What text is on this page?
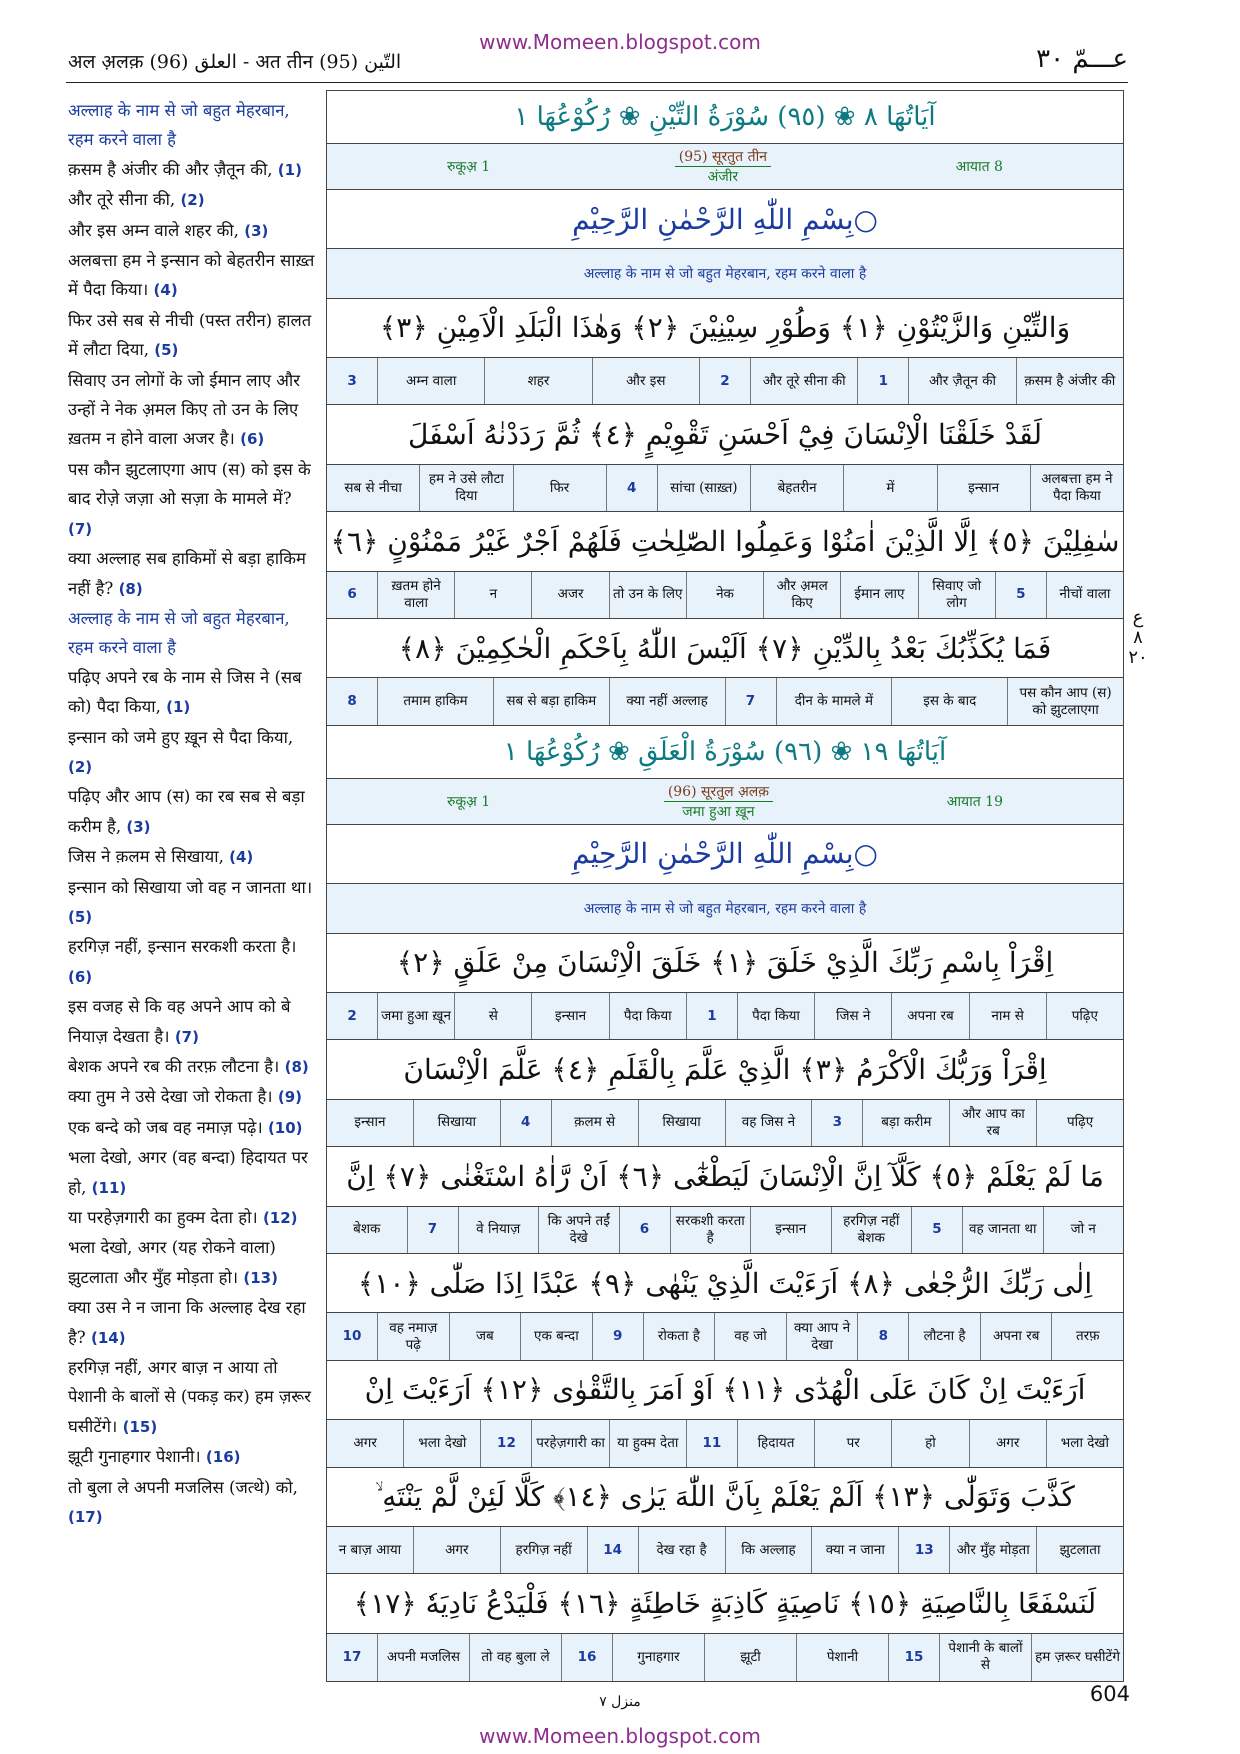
अल अ़लक़ (96) العلق - अत तीन (95) التّين
www.Momeen.blogspot.com
عـــمّ ٣٠
अल्लाह के नाम से जो बहुत मेहरबान, रहम करने वाला है
क़सम है अंजीर की और ज़ैतून की, (1)
और तूरे सीना की, (2)
और इस अम्न वाले शहर की, (3)
अलबत्ता हम ने इन्सान को बेहतरीन साख़्त में पैदा किया। (4)
फिर उसे सब से नीची (पस्त तरीन) हालत में लौटा दिया, (5)
सिवाए उन लोगों के जो ईमान लाए और उन्हों ने नेक अ़मल किए तो उन के लिए ख़तम न होने वाला अजर है। (6)
पस कौन झुटलाएगा आप (स) को इस के बाद रोज़े जज़ा ओ सज़ा के मामले में? (7)
क्या अल्लाह सब हाकिमों से बड़ा हाकिम नहीं है? (8)
अल्लाह के नाम से जो बहुत मेहरबान, रहम करने वाला है
पढ़िए अपने रब के नाम से जिस ने (सब को) पैदा किया, (1)
इन्सान को जमे हुए ख़ून से पैदा किया, (2)
पढ़िए और आप (स) का रब सब से बड़ा करीम है, (3)
जिस ने क़लम से सिखाया, (4)
इन्सान को सिखाया जो वह न जानता था। (5)
हरगिज़ नहीं, इन्सान सरकशी करता है। (6)
इस वजह से कि वह अपने आप को बे नियाज़ देखता है। (7)
बेशक अपने रब की तरफ़ लौटना है। (8)
क्या तुम ने उसे देखा जो रोकता है। (9)
एक बन्दे को जब वह नमाज़ पढ़े। (10)
भला देखो, अगर (वह बन्दा) हिदायत पर हो, (11)
या परहेज़गारी का हुक्म देता हो। (12)
भला देखो, अगर (यह रोकने वाला) झुटलाता और मुँह मोड़ता हो। (13)
क्या उस ने न जाना कि अल्लाह देख रहा है? (14)
हरगिज़ नहीं, अगर बाज़ न आया तो पेशानी के बालों से (पकड़ कर) हम ज़रूर घसीटेंगे। (15)
झूटी गुनाहगार पेशानी। (16)
तो बुला ले अपनी मजलिस (जत्थे) को, (17)

آيَاتُهَا ٨ ❀ (٩٥) سُوْرَةُ التِّيْنِ ❀ رُكُوْعُهَا ١
रुकूअ़ 1
(95) सूरतुत तीन
अंजीर
आयात 8
بِسْمِ اللّٰهِ الرَّحْمٰنِ الرَّحِيْمِ○
अल्लाह के नाम से जो बहुत मेहरबान, रहम करने वाला है
وَالتِّيْنِ وَالزَّيْتُوْنِ ﴿١﴾ وَطُوْرِ سِيْنِيْنَ ﴿٢﴾ وَهٰذَا الْبَلَدِ الْاَمِيْنِ ﴿٣﴾
क़सम है अंजीर की
और ज़ैतून की
1
और तूरे सीना की
2
और इस
शहर
अम्न वाला
3
لَقَدْ خَلَقْنَا الْاِنْسَانَ فِيْٓ اَحْسَنِ تَقْوِيْمٍ ﴿٤﴾ ثُمَّ رَدَدْنٰهُ اَسْفَلَ
अलबत्ता हम ने पैदा किया
इन्सान
में
बेहतरीन
सांचा (साख़्त)
4
फिर
हम ने उसे लौटा दिया
सब से नीचा
سٰفِلِيْنَ ﴿٥﴾ اِلَّا الَّذِيْنَ اٰمَنُوْا وَعَمِلُوا الصّٰلِحٰتِ فَلَهُمْ اَجْرٌ غَيْرُ مَمْنُوْنٍ ﴿٦﴾
नीचों वाला
5
सिवाए जो लोग
ईमान लाए
और अ़मल किए
नेक
तो उन के लिए
अजर
न
ख़तम होने वाला
6
فَمَا يُكَذِّبُكَ بَعْدُ بِالدِّيْنِ ﴿٧﴾ اَلَيْسَ اللّٰهُ بِاَحْكَمِ الْحٰكِمِيْنَ ﴿٨﴾
पस कौन आप (स) को झुटलाएगा
इस के बाद
दीन के मामले में
7
क्या नहीं अल्लाह
सब से बड़ा हाकिम
तमाम हाकिम
8
آيَاتُهَا ١٩ ❀ (٩٦) سُوْرَةُ الْعَلَقِ ❀ رُكُوْعُهَا ١
रुकूअ़ 1
(96) सूरतुल अ़लक़
जमा हुआ ख़ून
आयात 19
بِسْمِ اللّٰهِ الرَّحْمٰنِ الرَّحِيْمِ○
अल्लाह के नाम से जो बहुत मेहरबान, रहम करने वाला है
اِقْرَاْ بِاسْمِ رَبِّكَ الَّذِيْ خَلَقَ ﴿١﴾ خَلَقَ الْاِنْسَانَ مِنْ عَلَقٍ ﴿٢﴾
पढ़िए
नाम से
अपना रब
जिस ने
पैदा किया
1
पैदा किया
इन्सान
से
जमा हुआ ख़ून
2
اِقْرَاْ وَرَبُّكَ الْاَكْرَمُ ﴿٣﴾ الَّذِيْ عَلَّمَ بِالْقَلَمِ ﴿٤﴾ عَلَّمَ الْاِنْسَانَ
पढ़िए
और आप का रब
बड़ा करीम
3
वह जिस ने
सिखाया
क़लम से
4
सिखाया
इन्सान
مَا لَمْ يَعْلَمْ ﴿٥﴾ كَلَّآ اِنَّ الْاِنْسَانَ لَيَطْغٰٓى ﴿٦﴾ اَنْ رَّاٰهُ اسْتَغْنٰى ﴿٧﴾ اِنَّ
जो न
वह जानता था
5
हरगिज़ नहीं बेशक
इन्सान
सरकशी करता है
6
कि अपने तईं देखे
वे नियाज़
7
बेशक
اِلٰى رَبِّكَ الرُّجْعٰى ﴿٨﴾ اَرَءَيْتَ الَّذِيْ يَنْهٰى ﴿٩﴾ عَبْدًا اِذَا صَلّٰى ﴿١٠﴾
तरफ़
अपना रब
लौटना है
8
क्या आप ने देखा
वह जो
रोकता है
9
एक बन्दा
जब
वह नमाज़ पढ़े
10
اَرَءَيْتَ اِنْ كَانَ عَلَى الْهُدٰٓى ﴿١١﴾ اَوْ اَمَرَ بِالتَّقْوٰى ﴿١٢﴾ اَرَءَيْتَ اِنْ
भला देखो
अगर
हो
पर
हिदायत
11
या हुक्म देता
परहेज़गारी का
12
भला देखो
अगर
كَذَّبَ وَتَوَلّٰى ﴿١٣﴾ اَلَمْ يَعْلَمْ بِاَنَّ اللّٰهَ يَرٰى ﴿١٤﴾ كَلَّا لَئِنْ لَّمْ يَنْتَهِ ۙ
झुटलाता
और मुँह मोड़ता
13
क्या न जाना
कि अल्लाह
देख रहा है
14
हरगिज़ नहीं
अगर
न बाज़ आया
لَنَسْفَعًا بِالنَّاصِيَةِ ﴿١٥﴾ نَاصِيَةٍ كَاذِبَةٍ خَاطِئَةٍ ﴿١٦﴾ فَلْيَدْعُ نَادِيَهٗ ﴿١٧﴾
हम ज़रूर घसीटेंगे
पेशानी के बालों से
15
पेशानी
झूटी
गुनाहगार
16
तो वह बुला ले
अपनी मजलिस
17
ع ٨ ٢٠
منزل ٧	604
www.Momeen.blogspot.com
